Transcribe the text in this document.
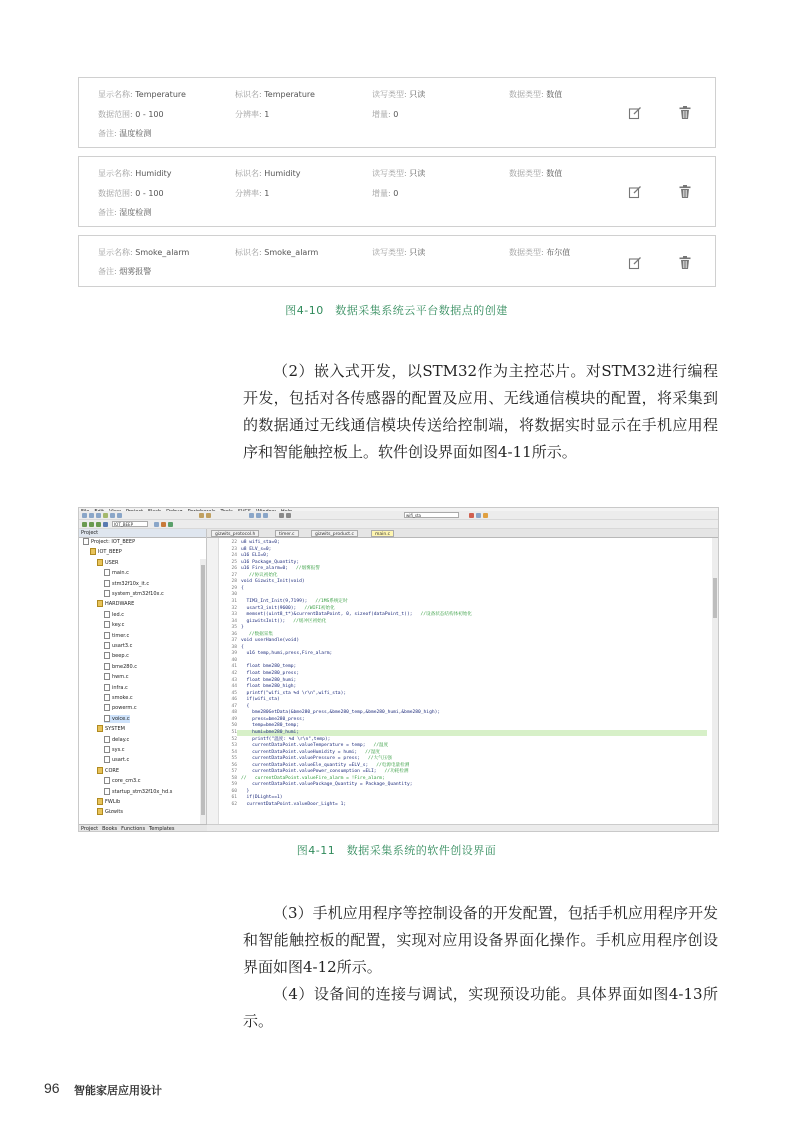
显示名称: Temperature	标识名: Temperature	读写类型: 只读	数据类型: 数值
数据范围: 0 - 100	分辨率: 1	增量: 0
备注: 温度检测
显示名称: Humidity	标识名: Humidity	读写类型: 只读	数据类型: 数值
数据范围: 0 - 100	分辨率: 1	增量: 0
备注: 湿度检测
显示名称: Smoke_alarm	标识名: Smoke_alarm	读写类型: 只读	数据类型: 布尔值
备注: 烟雾报警
图4-10　数据采集系统云平台数据点的创建

（2）嵌入式开发，以STM32作为主控芯片。对STM32进行编程开发，包括对各传感器的配置及应用、无线通信模块的配置，将采集到的数据通过无线通信模块传送给控制端，将数据实时显示在手机应用程序和智能触控板上。软件创设界面如图4-11所示。

wifi_sta
IOT_BEEP
Project
Project: IOT_BEEP
IOT_BEEP
USER
main.c
stm32f10x_it.c
system_stm32f10x.c
HARDWARE
led.c
key.c
timer.c
usart3.c
beep.c
bme280.c
hwm.c
infra.c
smoke.c
powerm.c
voice.c
SYSTEM
delay.c
sys.c
usart.c
CORE
core_cm3.c
startup_stm32f10x_hd.s
FWLib
Gizwits
Project Books Functions Templates
gizwits_protocol.h	timer.c	gizwits_product.c	main.c
22 u8 wifi_sta=0;
23 u8 ELV_s=0;
24 u16 ELI=0;
25 u16 Package_Quantity;
26 u16 Fire_alarm=0; //烟雾报警
27	//协议初始化
28 void Gizwits_Init(void)
29 {
30
31 TIM3_Int_Init(9,7199); //1MS系统定时
32 usart3_init(9600); //WIFI初始化
33 memset((uint8_t*)&currentDataPoint, 0, sizeof(dataPoint_t)); //设备状态结构体初始化
34 gizwitsInit(); //缓冲区初始化
35 }
36	//数据采集
37 void userHandle(void)
38 {
39 u16 temp,humi,press,Fire_alarm;
40
41 float bme280_temp;
42 float bme280_press;
43 float bme280_humi;
44 float bme280_high;
45 printf("wifi_sta %d \r\n",wifi_sta);
46 if(wifi_sta)
47 {
48 bme280GetData(&bme280_press,&bme280_temp,&bme280_humi,&bme280_high);
49 press=bme280_press;
50 temp=bme280_temp;
51 humi=bme280_humi;
52 printf("温度: %d \r\n",temp);
53 currentDataPoint.valueTemperature = temp; //温度
54 currentDataPoint.valueHumidity = humi; //湿度
55 currentDataPoint.valuePressure = press; //大气压强
56 currentDataPoint.valueEle_quantity =ELV_s; //电源电量检测
57 currentDataPoint.valuePower_consumption =ELI; //功耗检测
58 //   currentDataPoint.valueFire_alarm = !Fire_alarm;
59 currentDataPoint.valuePackage_Quantity = Package_Quantity;
60 }
61 if(DLight==1)
62 currentDataPoint.valueDoor_Light= 1;
图4-11　数据采集系统的软件创设界面

（3）手机应用程序等控制设备的开发配置，包括手机应用程序开发和智能触控板的配置，实现对应用设备界面化操作。手机应用程序创设界面如图4-12所示。

（4）设备间的连接与调试，实现预设功能。具体界面如图4-13所示。

96 智能家居应用设计
